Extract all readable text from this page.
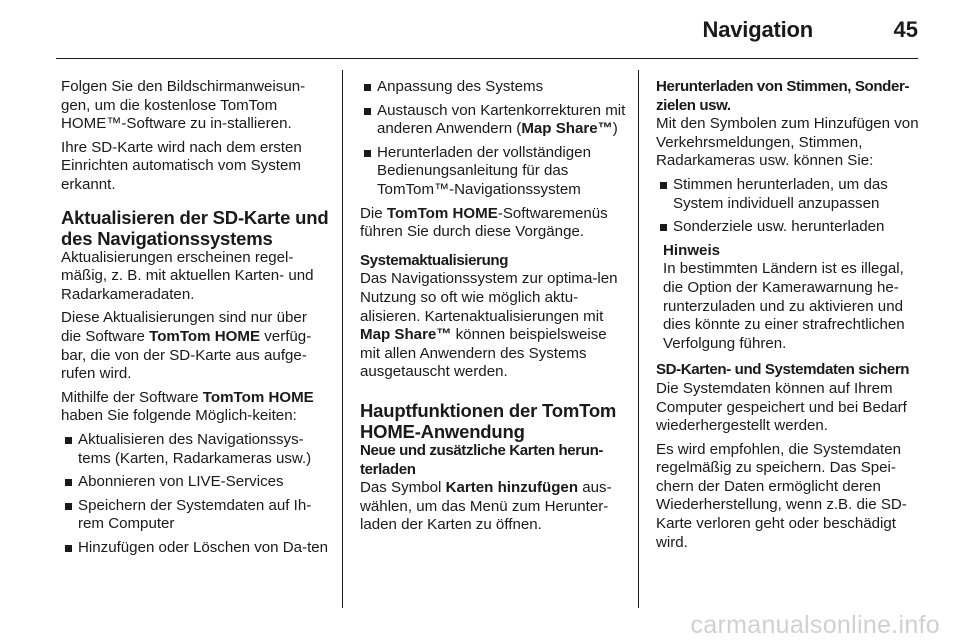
Navigation	45

Folgen Sie den Bildschirmanweisun-gen, um die kostenlose TomTom HOME™-Software zu in-stallieren.

Ihre SD-Karte wird nach dem ersten Einrichten automatisch vom System erkannt.

Aktualisieren der SD-Karte und des Navigationssystems

Aktualisierungen erscheinen regel-mäßig, z. B. mit aktuellen Karten- und Radarkameradaten.

Diese Aktualisierungen sind nur über die Software TomTom HOME verfüg-bar, die von der SD-Karte aus aufge-rufen wird.

Mithilfe der Software TomTom HOME haben Sie folgende Möglich-keiten:

Aktualisieren des Navigationssys-tems (Karten, Radarkameras usw.)
Abonnieren von LIVE-Services
Speichern der Systemdaten auf Ih-rem Computer
Hinzufügen oder Löschen von Da-ten
Anpassung des Systems
Austausch von Kartenkorrekturen mit anderen Anwendern (Map Share™)
Herunterladen der vollständigen Bedienungsanleitung für das TomTom™-Navigationssystem

Die TomTom HOME-Softwaremenüs führen Sie durch diese Vorgänge.

Systemaktualisierung

Das Navigationssystem zur optima-len Nutzung so oft wie möglich aktu-alisieren. Kartenaktualisierungen mit Map Share™ können beispielsweise mit allen Anwendern des Systems ausgetauscht werden.

Hauptfunktionen der TomTom HOME-Anwendung
Neue und zusätzliche Karten herun-terladen

Das Symbol Karten hinzufügen aus-wählen, um das Menü zum Herunter-laden der Karten zu öffnen.

Herunterladen von Stimmen, Sonder-zielen usw.

Mit den Symbolen zum Hinzufügen von Verkehrsmeldungen, Stimmen, Radarkameras usw. können Sie:

Stimmen herunterladen, um das System individuell anzupassen
Sonderziele usw. herunterladen
Hinweis

In bestimmten Ländern ist es illegal, die Option der Kamerawarnung he-runterzuladen und zu aktivieren und dies könnte zu einer strafrechtlichen Verfolgung führen.

SD-Karten- und Systemdaten sichern

Die Systemdaten können auf Ihrem Computer gespeichert und bei Bedarf wiederhergestellt werden.

Es wird empfohlen, die Systemdaten regelmäßig zu speichern. Das Spei-chern der Daten ermöglicht deren Wiederherstellung, wenn z.B. die SD-Karte verloren geht oder beschädigt wird.

carmanualsonline.info
